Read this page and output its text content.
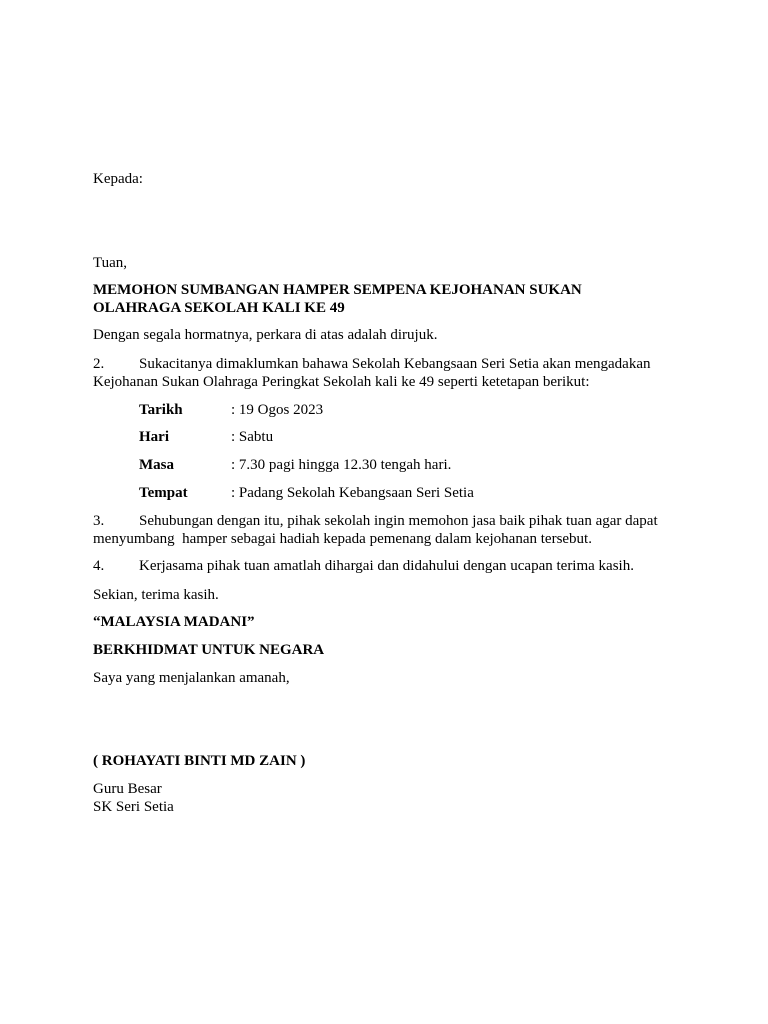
Kepada:
Tuan,
MEMOHON SUMBANGAN HAMPER SEMPENA KEJOHANAN SUKAN
OLAHRAGA SEKOLAH KALI KE 49
Dengan segala hormatnya, perkara di atas adalah dirujuk.
2. Sukacitanya dimaklumkan bahawa Sekolah Kebangsaan Seri Setia akan mengadakan
Kejohanan Sukan Olahraga Peringkat Sekolah kali ke 49 seperti ketetapan berikut:
Tarikh	: 19 Ogos 2023
Hari	: Sabtu
Masa	: 7.30 pagi hingga 12.30 tengah hari.
Tempat	: Padang Sekolah Kebangsaan Seri Setia
3. Sehubungan dengan itu, pihak sekolah ingin memohon jasa baik pihak tuan agar dapat
menyumbang  hamper sebagai hadiah kepada pemenang dalam kejohanan tersebut.
4. Kerjasama pihak tuan amatlah dihargai dan didahului dengan ucapan terima kasih.
Sekian, terima kasih.
“MALAYSIA MADANI”
BERKHIDMAT UNTUK NEGARA
Saya yang menjalankan amanah,
( ROHAYATI BINTI MD ZAIN )
Guru Besar
SK Seri Setia
